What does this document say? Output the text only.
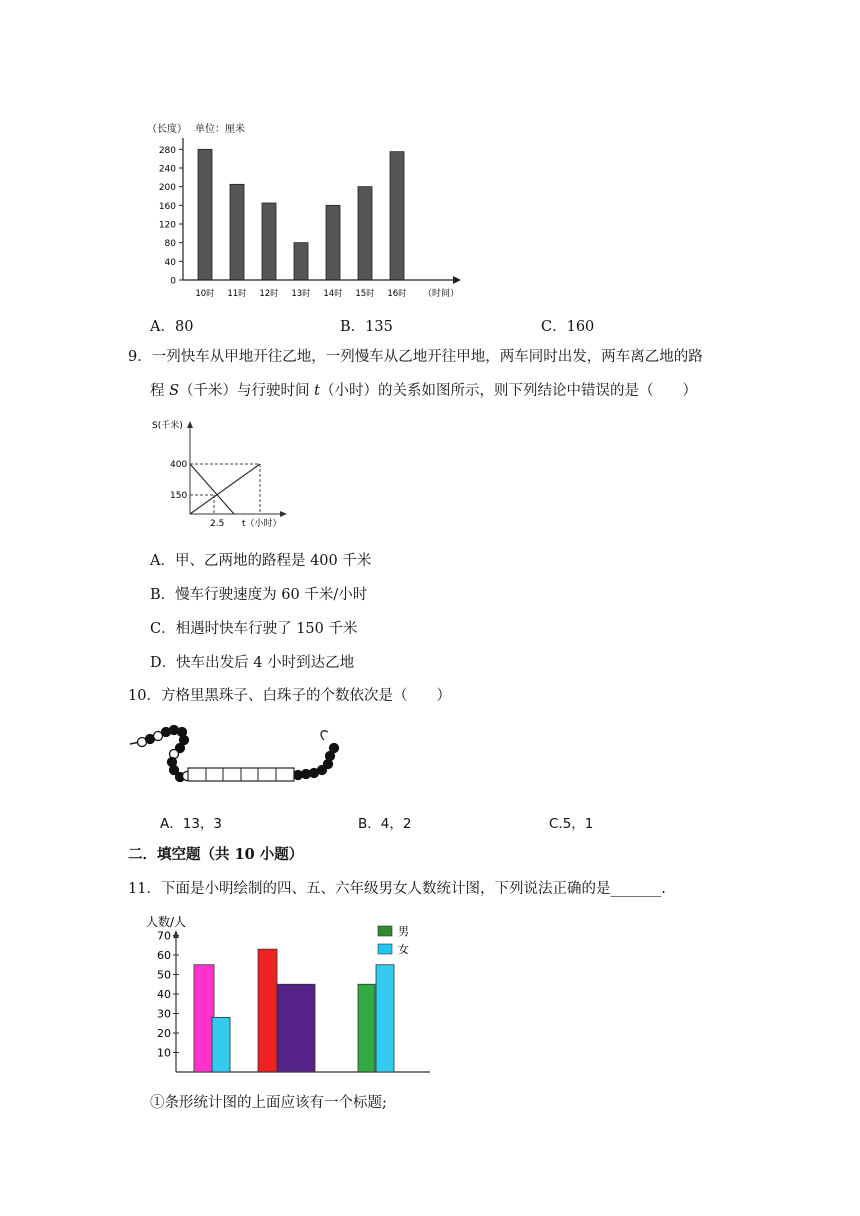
（长度） 单位：厘米
280
240
200
160
120
80
40
0
10时 11时 12时 13时 14时 15时 16时 （时间）
A．80	B．135	C．160
9．一列快车从甲地开往乙地，一列慢车从乙地开往甲地，两车同时出发，两车离乙地的路
程 S（千米）与行驶时间 t（小时）的关系如图所示，则下列结论中错误的是（　　）
S(千米)
400
150
2.5 t（小时）
A．甲、乙两地的路程是 400 千米
B．慢车行驶速度为 60 千米/小时
C．相遇时快车行驶了 150 千米
D．快车出发后 4 小时到达乙地
10．方格里黑珠子、白珠子的个数依次是（　　）
A．13，3	B．4，2	C.5，1
二．填空题（共 10 小题）
11．下面是小明绘制的四、五、六年级男女人数统计图，下列说法正确的是_______.
人数/人
70
60
50
40
30
20
10
男
女
①条形统计图的上面应该有一个标题;
